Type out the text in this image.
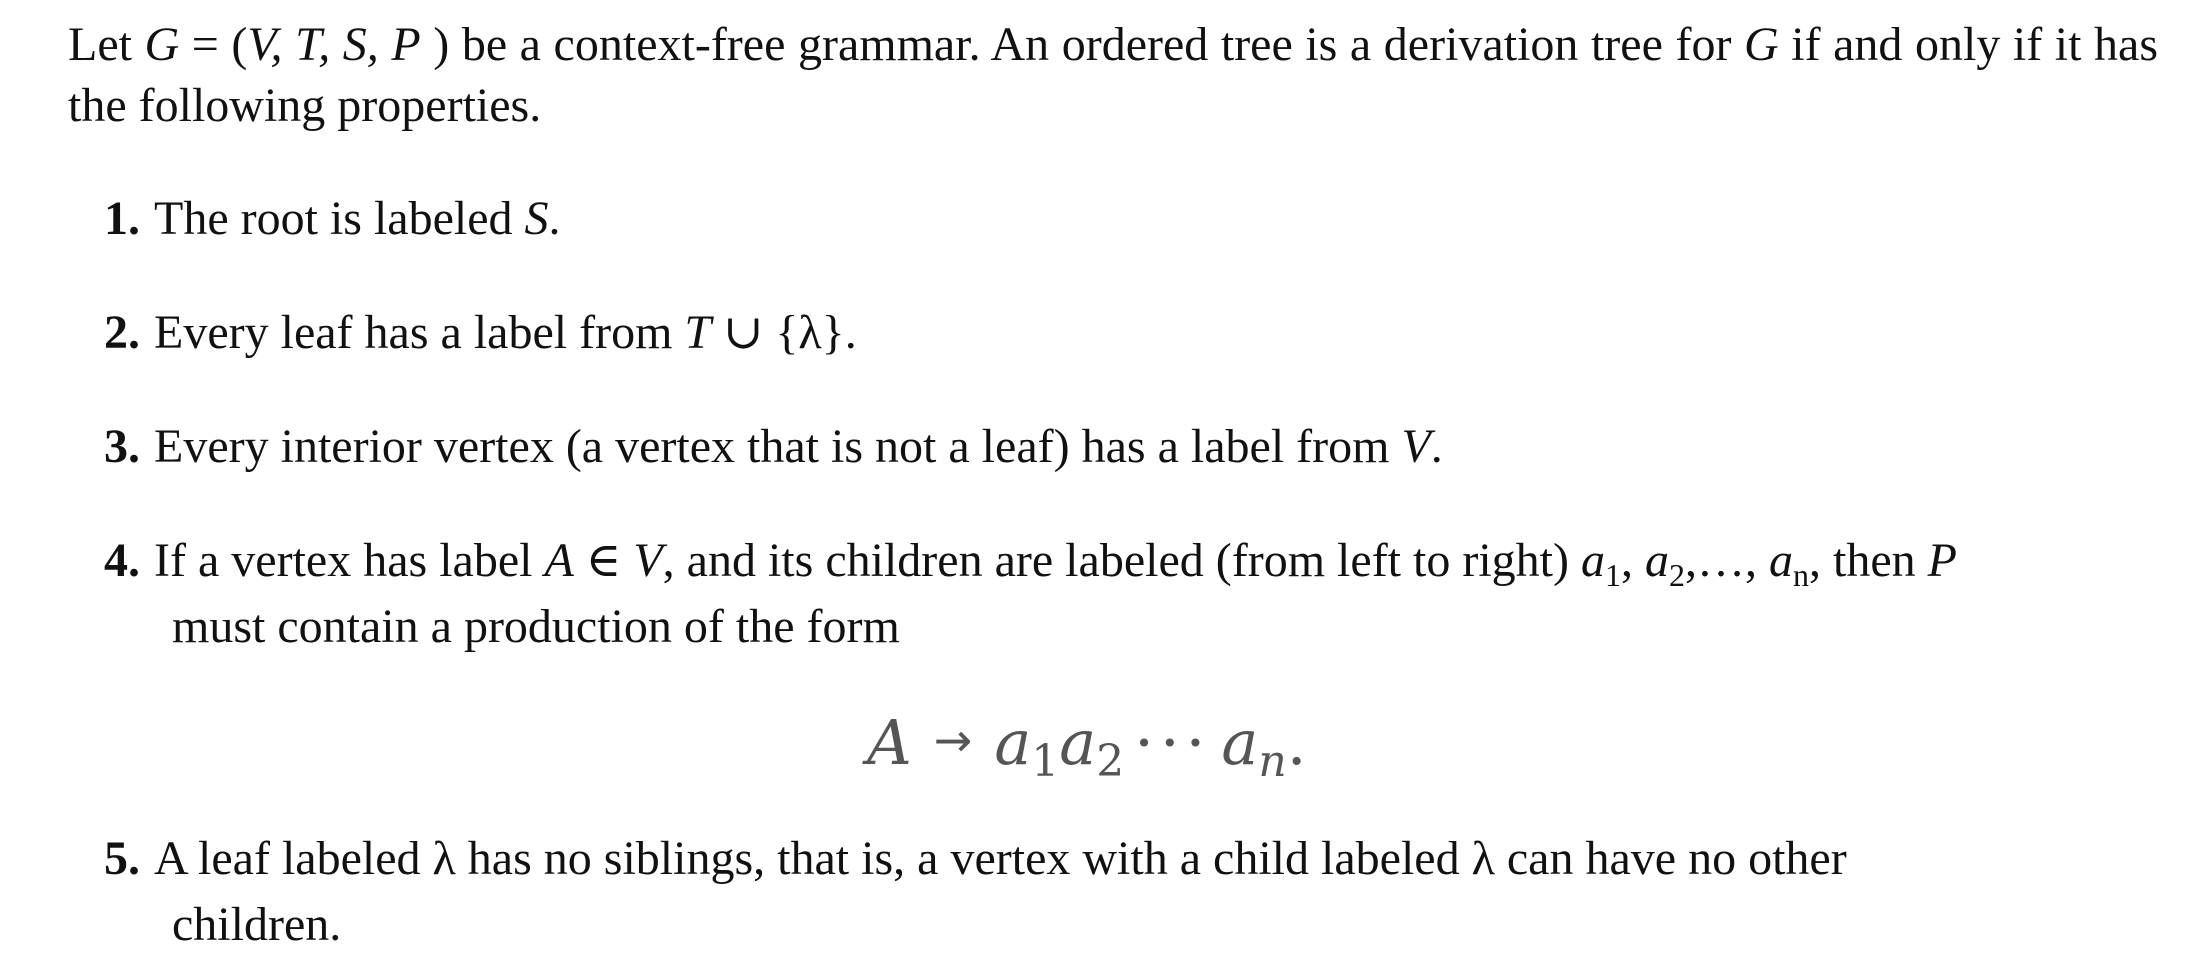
Let G = (V, T, S, P ) be a context-free grammar. An ordered tree is a derivation tree for G if and only if it has the following properties.

1. The root is labeled S.

2. Every leaf has a label from T ∪ {λ}.

3. Every interior vertex (a vertex that is not a leaf) has a label from V.

4. If a vertex has label A ∈ V, and its children are labeled (from left to right) $a_1$, $a_2,\dots$, $a_n$, then P
must contain a production of the form

$A \to a_1a_2$ ··· $a_n$.

5. A leaf labeled λ has no siblings, that is, a vertex with a child labeled λ can have no other
children.
